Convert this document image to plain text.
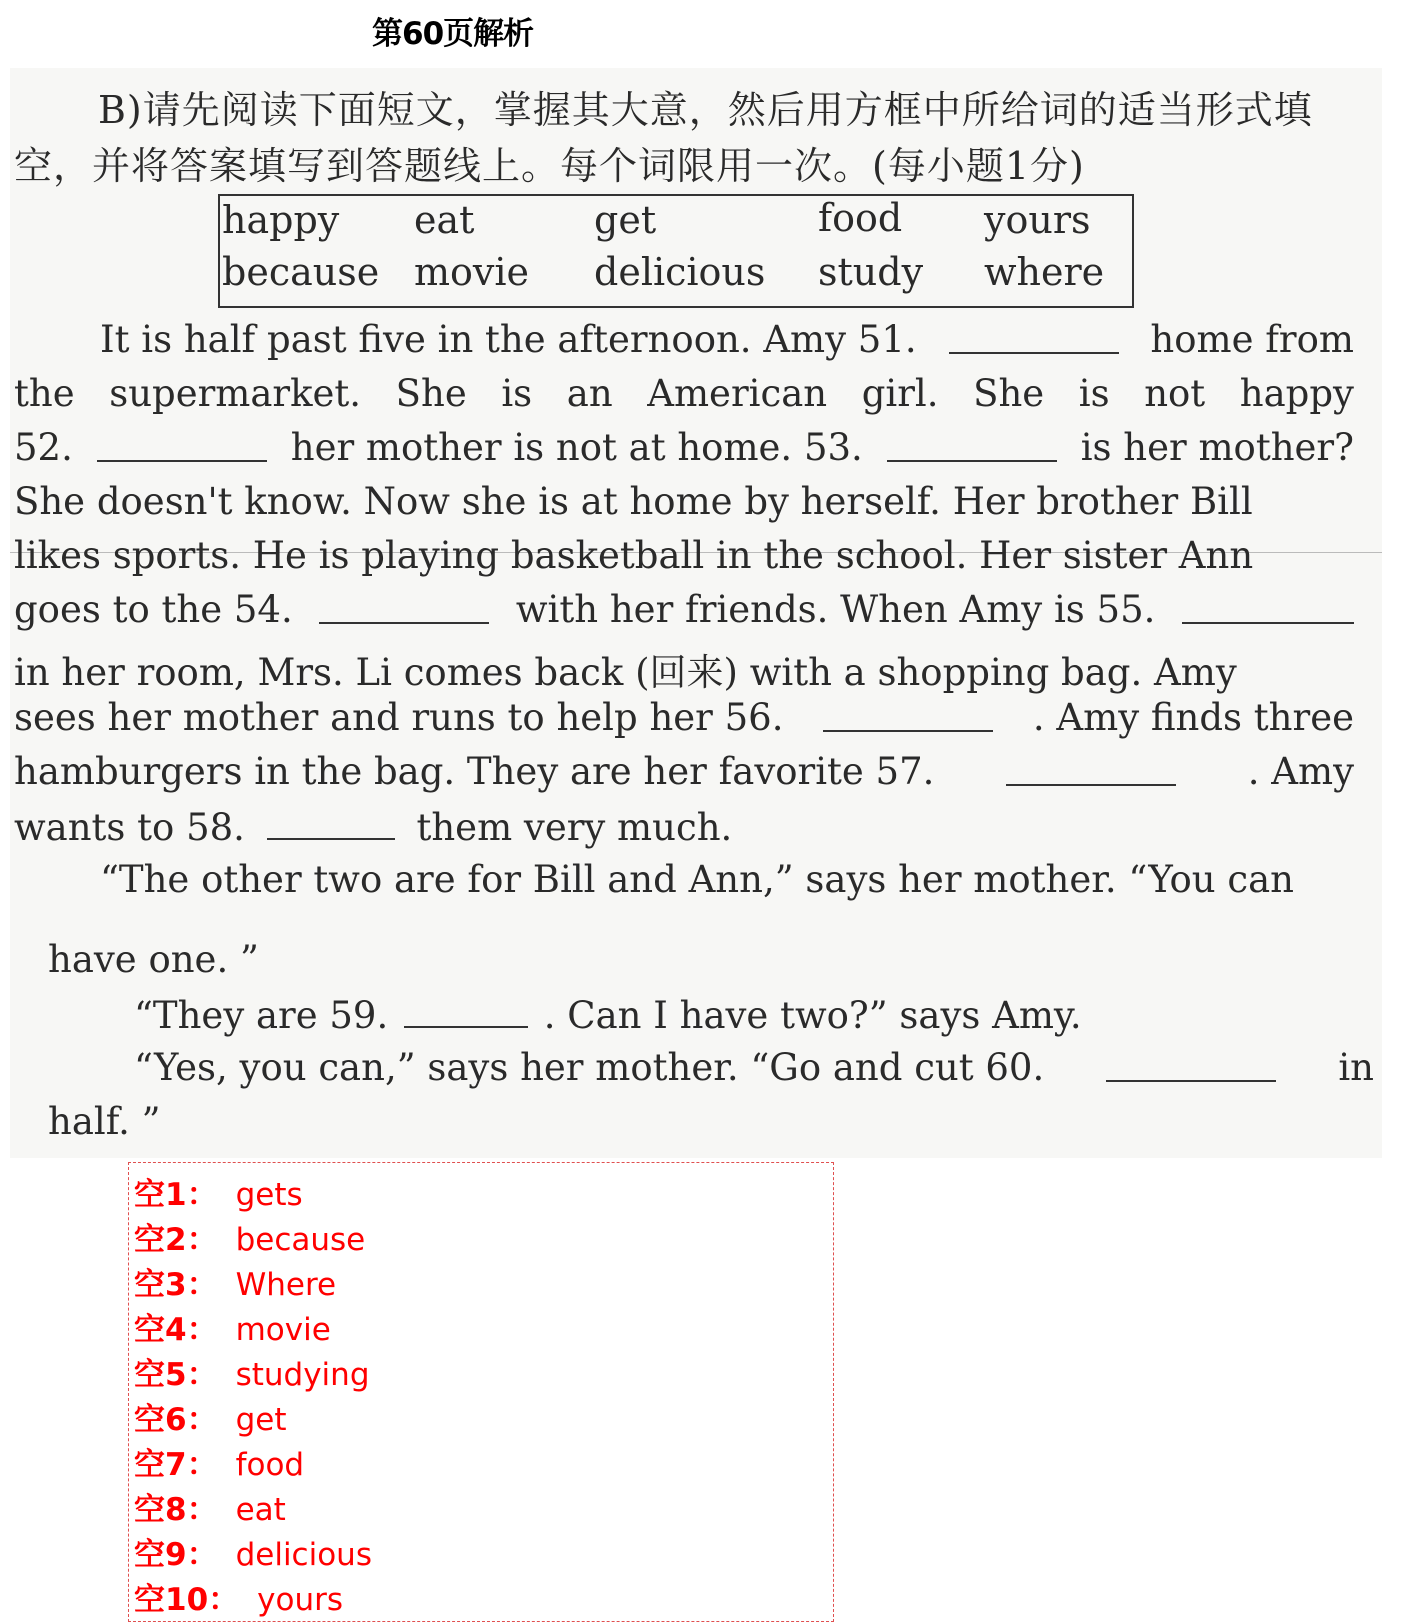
第60页解析
B)请先阅读下面短文，掌握其大意，然后用方框中所给词的适当形式填空，并将答案填写到答题线上。每个词限用一次。(每小题1分)
happy eat	get	food yours
because movie delicious study where
It is half past five in the afternoon. Amy 51.	home from
the supermarket. She is an American girl. She is not happy
52.	her mother is not at home. 53.	is her mother?
She doesn't know. Now she is at home by herself. Her brother Bill
likes sports. He is playing basketball in the school. Her sister Ann
goes to the 54.	with her friends. When Amy is 55.
in her room, Mrs. Li comes back (回来) with a shopping bag. Amy
sees her mother and runs to help her 56.	. Amy finds three
hamburgers in the bag. They are her favorite 57.	. Amy
wants to 58.	them very much.
“The other two are for Bill and Ann,” says her mother. “You can
have one. ”
“They are 59.	. Can I have two?” says Amy.
“Yes, you can,” says her mother. “Go and cut 60.	in
half. ”
空1： gets
空2： because
空3： Where
空4： movie
空5： studying
空6： get
空7： food
空8： eat
空9： delicious
空10： yours
